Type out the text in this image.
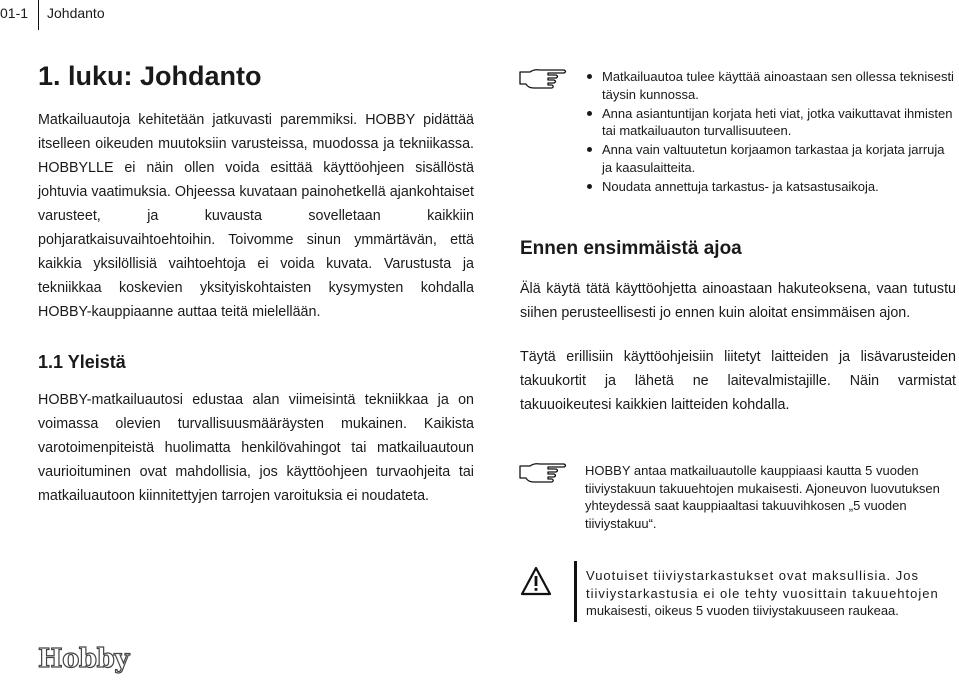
01-1 Johdanto
1. luku: Johdanto

Matkailuautoja kehitetään jatkuvasti paremmiksi. HOBBY pidättää itselleen oikeuden muutoksiin varusteissa, muodossa ja tekniikassa. HOBBYLLE ei näin ollen voida esittää käyttöohjeen sisällöstä johtuvia vaatimuksia. Ohjeessa kuvataan painohetkellä ajankohtaiset varusteet, ja kuvausta sovelletaan kaikkiin pohjaratkaisuvaihtoehtoihin. Toivomme sinun ymmärtävän, että kaikkia yksilöllisiä vaihtoehtoja ei voida kuvata. Varustusta ja tekniikkaa koskevien yksityiskohtaisten kysymysten kohdalla HOBBY-kauppiaanne auttaa teitä mielellään.

1.1 Yleistä

HOBBY-matkailuautosi edustaa alan viimeisintä tekniikkaa ja on voimassa olevien turvallisuusmääräysten mukainen. Kaikista varotoimenpiteistä huolimatta henkilövahingot tai matkailuautoun vaurioituminen ovat mahdollisia, jos käyttöohjeen turvaohjeita tai matkailuautoon kiinnitettyjen tarrojen varoituksia ei noudateta.

Matkailuautoa tulee käyttää ainoastaan sen ollessa teknisesti täysin kunnossa.
Anna asiantuntijan korjata heti viat, jotka vaikuttavat ihmisten tai matkailuauton turvallisuuteen.
Anna vain valtuutetun korjaamon tarkastaa ja korjata jarruja ja kaasulaitteita.
Noudata annettuja tarkastus- ja katsastusaikoja.
Ennen ensimmäistä ajoa

Älä käytä tätä käyttöohjetta ainoastaan hakuteoksena, vaan tutustu siihen perusteellisesti jo ennen kuin aloitat ensimmäisen ajon.

Täytä erillisiin käyttöohjeisiin liitetyt laitteiden ja lisävarusteiden takuukortit ja lähetä ne laitevalmistajille. Näin varmistat takuuoikeutesi kaikkien laitteiden kohdalla.

HOBBY antaa matkailuautolle kauppiaasi kautta 5 vuoden tiiviystakuun takuuehtojen mukaisesti. Ajoneuvon luovutuksen yhteydessä saat kauppiaaltasi takuuvihkosen „5 vuoden tiiviystakuu“.
Vuotuiset tiiviystarkastukset ovat maksullisia. Jos
tiiviystarkastusia ei ole tehty vuosittain takuuehtojen
mukaisesti, oikeus 5 vuoden tiiviystakuuseen raukeaa.
Hobby
